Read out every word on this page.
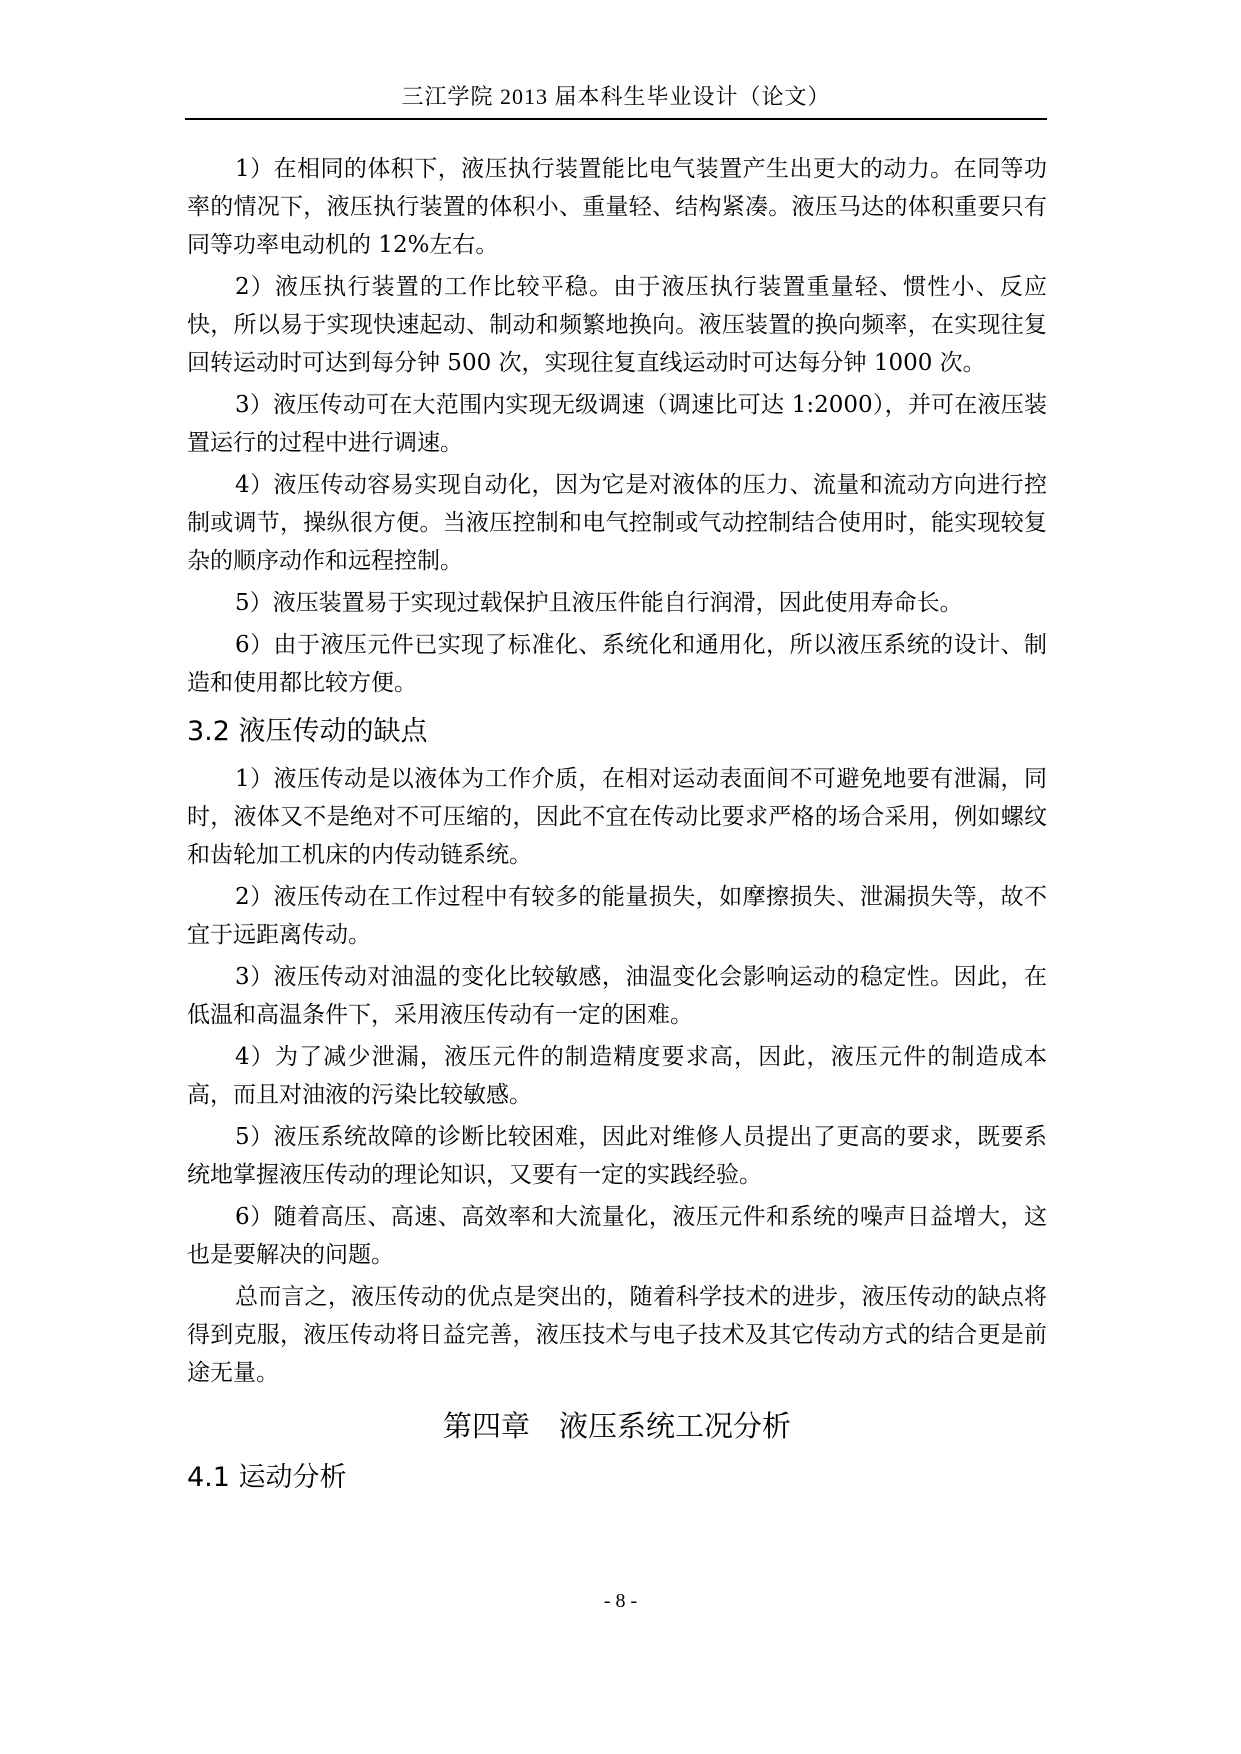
三江学院 2013 届本科生毕业设计（论文）

1）在相同的体积下，液压执行装置能比电气装置产生出更大的动力。在同等功率的情况下，液压执行装置的体积小、重量轻、结构紧凑。液压马达的体积重要只有同等功率电动机的 12%左右。

2）液压执行装置的工作比较平稳。由于液压执行装置重量轻、惯性小、反应快，所以易于实现快速起动、制动和频繁地换向。液压装置的换向频率，在实现往复回转运动时可达到每分钟 500 次，实现往复直线运动时可达每分钟 1000 次。

3）液压传动可在大范围内实现无级调速（调速比可达 1:2000），并可在液压装置运行的过程中进行调速。

4）液压传动容易实现自动化，因为它是对液体的压力、流量和流动方向进行控制或调节，操纵很方便。当液压控制和电气控制或气动控制结合使用时，能实现较复杂的顺序动作和远程控制。

5）液压装置易于实现过载保护且液压件能自行润滑，因此使用寿命长。

6）由于液压元件已实现了标准化、系统化和通用化，所以液压系统的设计、制造和使用都比较方便。

3.2 液压传动的缺点

1）液压传动是以液体为工作介质，在相对运动表面间不可避免地要有泄漏，同时，液体又不是绝对不可压缩的，因此不宜在传动比要求严格的场合采用，例如螺纹和齿轮加工机床的内传动链系统。

2）液压传动在工作过程中有较多的能量损失，如摩擦损失、泄漏损失等，故不宜于远距离传动。

3）液压传动对油温的变化比较敏感，油温变化会影响运动的稳定性。因此，在低温和高温条件下，采用液压传动有一定的困难。

4）为了减少泄漏，液压元件的制造精度要求高，因此，液压元件的制造成本高，而且对油液的污染比较敏感。

5）液压系统故障的诊断比较困难，因此对维修人员提出了更高的要求，既要系统地掌握液压传动的理论知识，又要有一定的实践经验。

6）随着高压、高速、高效率和大流量化，液压元件和系统的噪声日益增大，这也是要解决的问题。

总而言之，液压传动的优点是突出的，随着科学技术的进步，液压传动的缺点将得到克服，液压传动将日益完善，液压技术与电子技术及其它传动方式的结合更是前途无量。

第四章　液压系统工况分析
4.1 运动分析
- 8 -
